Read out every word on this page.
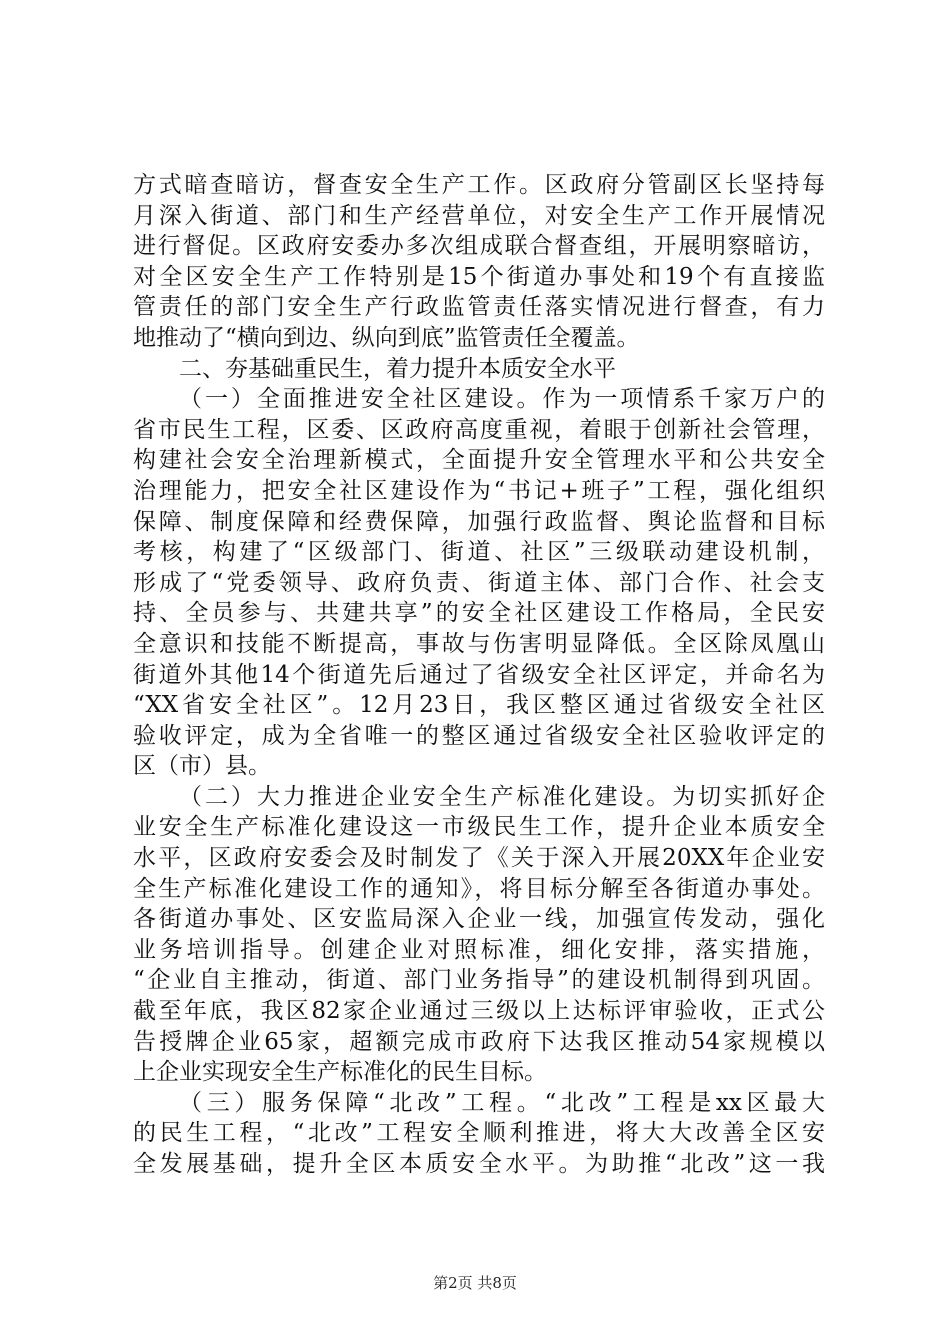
方式暗查暗访，督查安全生产工作。区政府分管副区长坚持每
月深入街道、部门和生产经营单位，对安全生产工作开展情况
进行督促。区政府安委办多次组成联合督查组，开展明察暗访，
对全区安全生产工作特别是15个街道办事处和19个有直接监
管责任的部门安全生产行政监管责任落实情况进行督查，有力
地推动了“横向到边、纵向到底”监管责任全覆盖。
二、夯基础重民生，着力提升本质安全水平
（一）全面推进安全社区建设。作为一项情系千家万户的
省市民生工程，区委、区政府高度重视，着眼于创新社会管理，
构建社会安全治理新模式，全面提升安全管理水平和公共安全
治理能力，把安全社区建设作为“书记+班子”工程，强化组织
保障、制度保障和经费保障，加强行政监督、舆论监督和目标
考核，构建了“区级部门、街道、社区”三级联动建设机制，
形成了“党委领导、政府负责、街道主体、部门合作、社会支
持、全员参与、共建共享”的安全社区建设工作格局，全民安
全意识和技能不断提高，事故与伤害明显降低。全区除凤凰山
街道外其他14个街道先后通过了省级安全社区评定，并命名为
“XX省安全社区”。12月23日，我区整区通过省级安全社区
验收评定，成为全省唯一的整区通过省级安全社区验收评定的
区（市）县。
（二）大力推进企业安全生产标准化建设。为切实抓好企
业安全生产标准化建设这一市级民生工作，提升企业本质安全
水平，区政府安委会及时制发了《关于深入开展20XX年企业安
全生产标准化建设工作的通知》，将目标分解至各街道办事处。
各街道办事处、区安监局深入企业一线，加强宣传发动，强化
业务培训指导。创建企业对照标准，细化安排，落实措施，
“企业自主推动，街道、部门业务指导”的建设机制得到巩固。
截至年底，我区82家企业通过三级以上达标评审验收，正式公
告授牌企业65家，超额完成市政府下达我区推动54家规模以
上企业实现安全生产标准化的民生目标。
（三）服务保障“北改”工程。“北改”工程是xx区最大
的民生工程，“北改”工程安全顺利推进，将大大改善全区安
全发展基础，提升全区本质安全水平。为助推“北改”这一我
第2页 共8页
